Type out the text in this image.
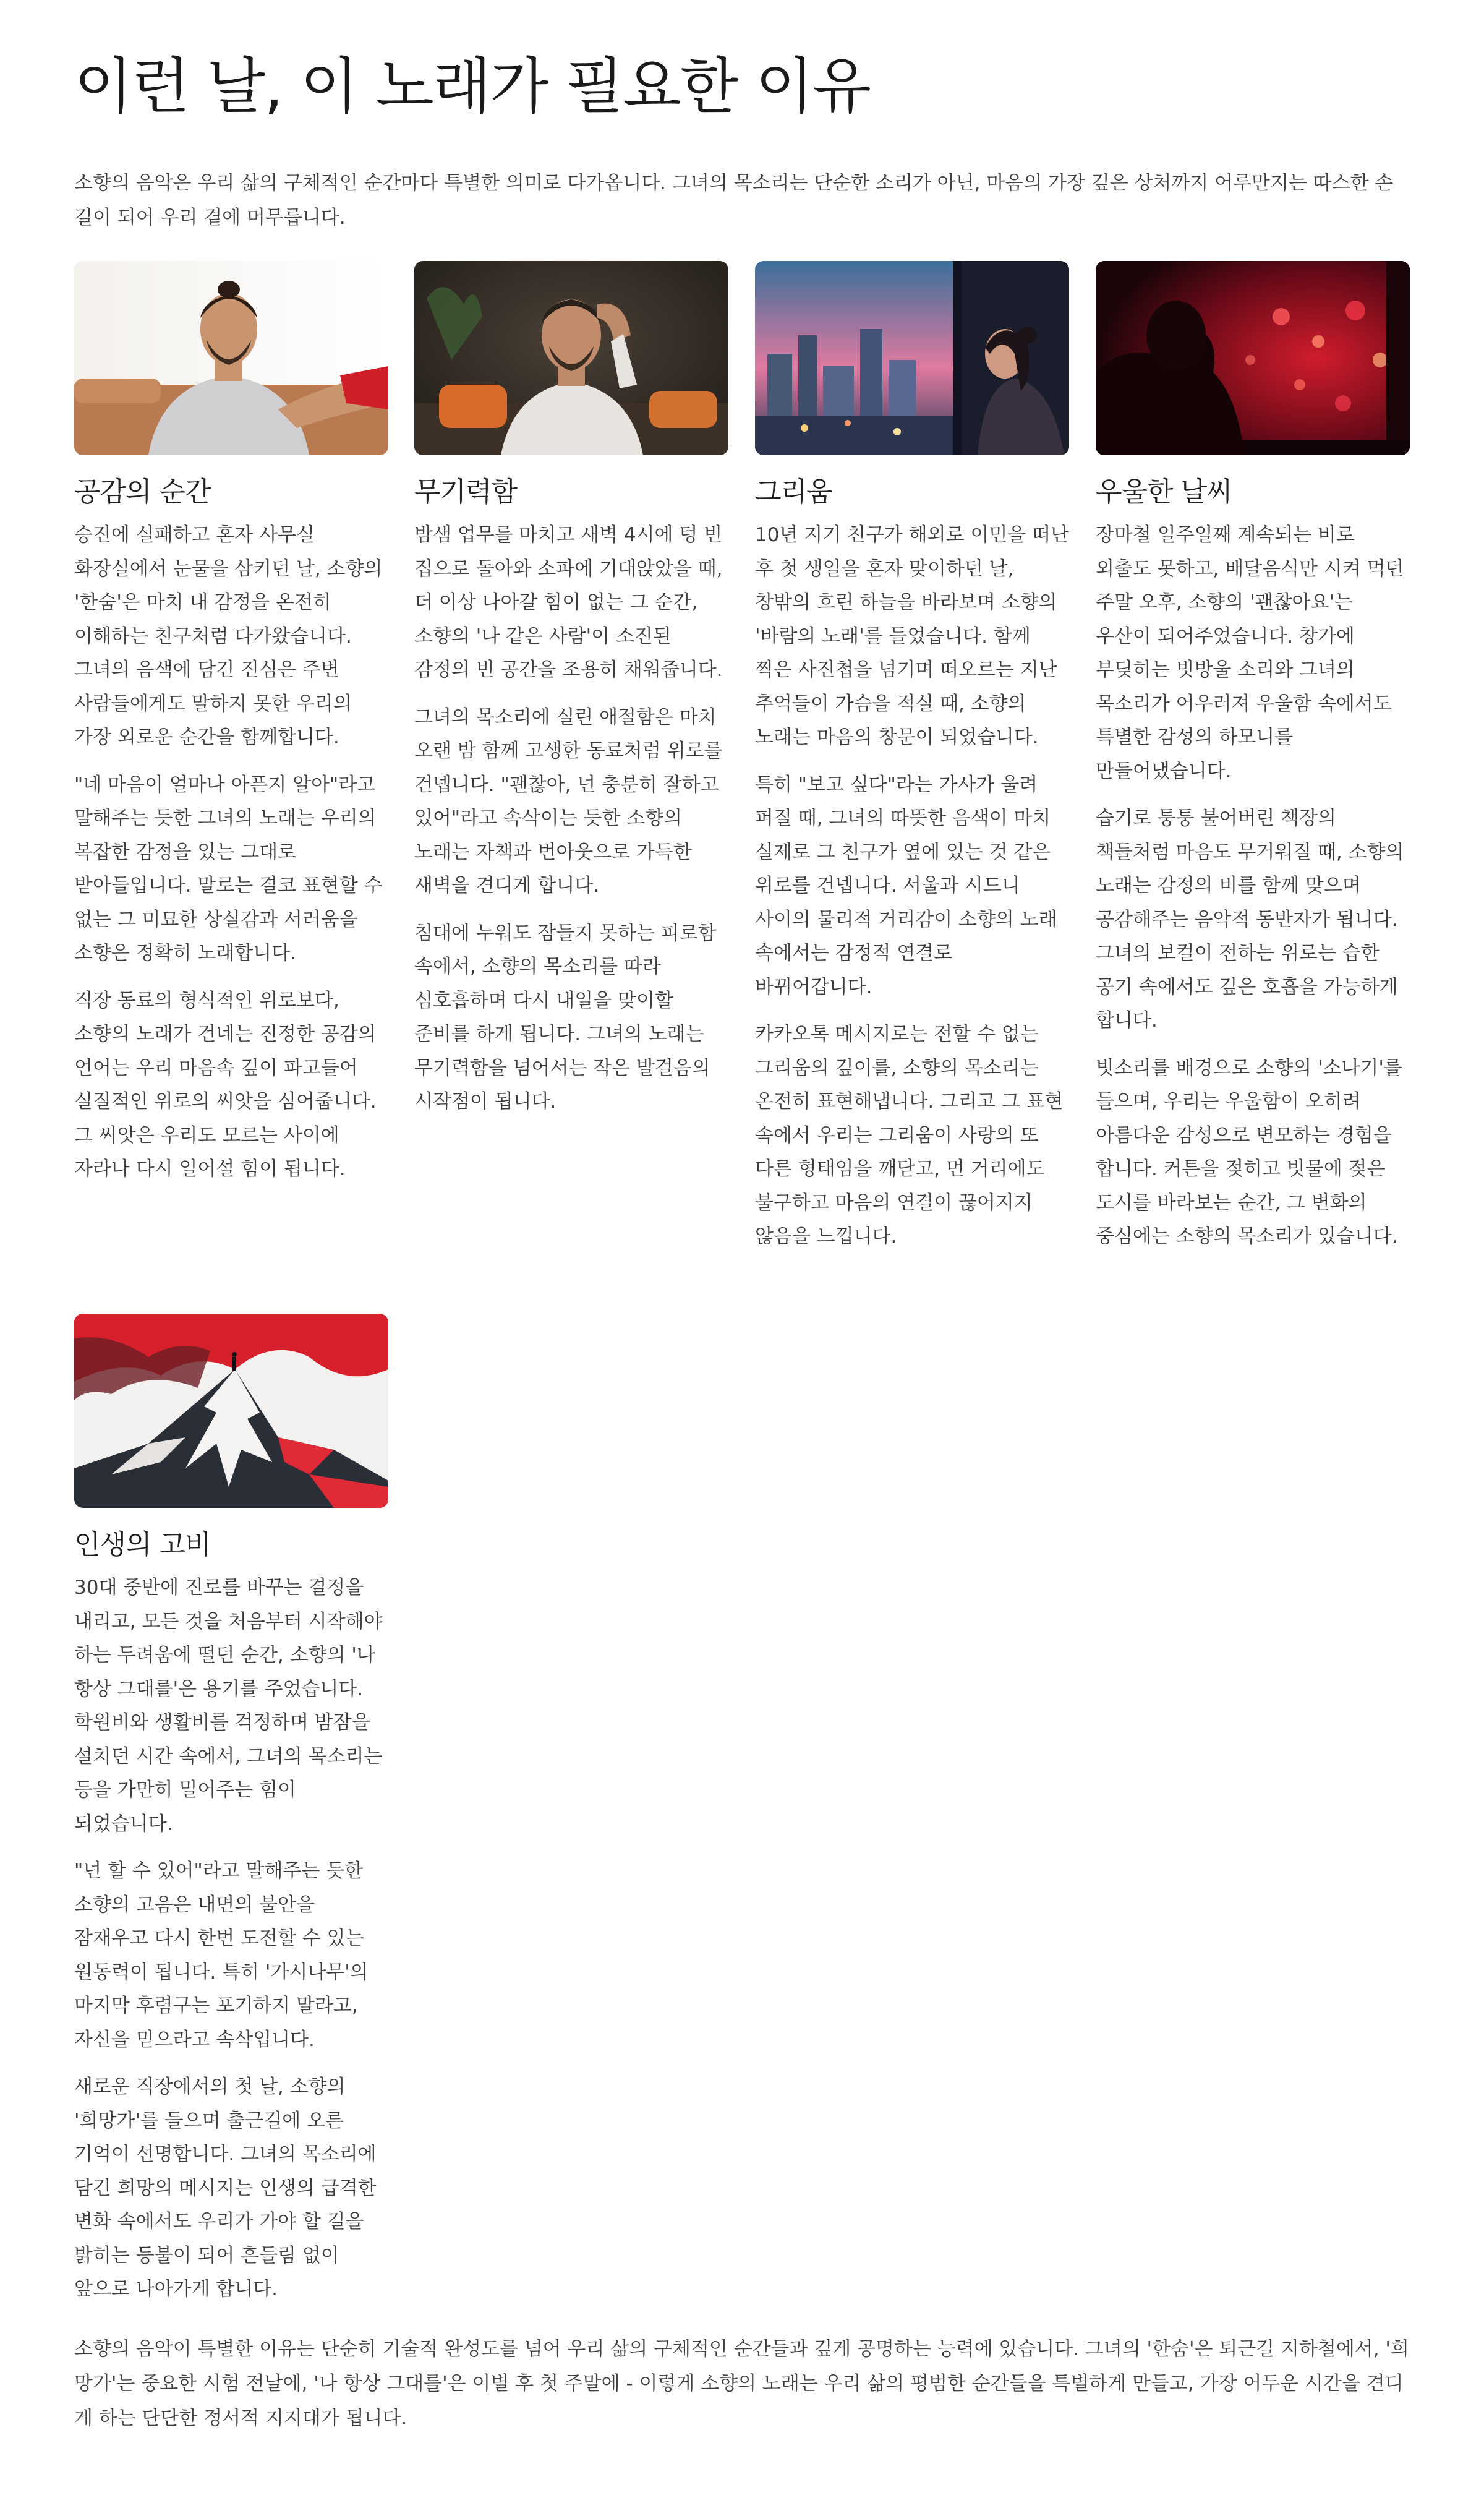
이런 날, 이 노래가 필요한 이유

소향의 음악은 우리 삶의 구체적인 순간마다 특별한 의미로 다가옵니다. 그녀의 목소리는 단순한 소리가 아닌, 마음의 가장 깊은 상처까지 어루만지는 따스한 손길이 되어 우리 곁에 머무릅니다.

공감의 순간

승진에 실패하고 혼자 사무실 화장실에서 눈물을 삼키던 날, 소향의 '한숨'은 마치 내 감정을 온전히 이해하는 친구처럼 다가왔습니다. 그녀의 음색에 담긴 진심은 주변 사람들에게도 말하지 못한 우리의 가장 외로운 순간을 함께합니다.

"네 마음이 얼마나 아픈지 알아"라고 말해주는 듯한 그녀의 노래는 우리의 복잡한 감정을 있는 그대로 받아들입니다. 말로는 결코 표현할 수 없는 그 미묘한 상실감과 서러움을 소향은 정확히 노래합니다.

직장 동료의 형식적인 위로보다, 소향의 노래가 건네는 진정한 공감의 언어는 우리 마음속 깊이 파고들어 실질적인 위로의 씨앗을 심어줍니다. 그 씨앗은 우리도 모르는 사이에 자라나 다시 일어설 힘이 됩니다.

무기력함

밤샘 업무를 마치고 새벽 4시에 텅 빈 집으로 돌아와 소파에 기대앉았을 때, 더 이상 나아갈 힘이 없는 그 순간, 소향의 '나 같은 사람'이 소진된 감정의 빈 공간을 조용히 채워줍니다.

그녀의 목소리에 실린 애절함은 마치 오랜 밤 함께 고생한 동료처럼 위로를 건넵니다. "괜찮아, 넌 충분히 잘하고 있어"라고 속삭이는 듯한 소향의 노래는 자책과 번아웃으로 가득한 새벽을 견디게 합니다.

침대에 누워도 잠들지 못하는 피로함 속에서, 소향의 목소리를 따라 심호흡하며 다시 내일을 맞이할 준비를 하게 됩니다. 그녀의 노래는 무기력함을 넘어서는 작은 발걸음의 시작점이 됩니다.

그리움

10년 지기 친구가 해외로 이민을 떠난 후 첫 생일을 혼자 맞이하던 날, 창밖의 흐린 하늘을 바라보며 소향의 '바람의 노래'를 들었습니다. 함께 찍은 사진첩을 넘기며 떠오르는 지난 추억들이 가슴을 적실 때, 소향의 노래는 마음의 창문이 되었습니다.

특히 "보고 싶다"라는 가사가 울려 퍼질 때, 그녀의 따뜻한 음색이 마치 실제로 그 친구가 옆에 있는 것 같은 위로를 건넵니다. 서울과 시드니 사이의 물리적 거리감이 소향의 노래 속에서는 감정적 연결로 바뀌어갑니다.

카카오톡 메시지로는 전할 수 없는 그리움의 깊이를, 소향의 목소리는 온전히 표현해냅니다. 그리고 그 표현 속에서 우리는 그리움이 사랑의 또 다른 형태임을 깨닫고, 먼 거리에도 불구하고 마음의 연결이 끊어지지 않음을 느낍니다.

우울한 날씨

장마철 일주일째 계속되는 비로 외출도 못하고, 배달음식만 시켜 먹던 주말 오후, 소향의 '괜찮아요'는 우산이 되어주었습니다. 창가에 부딪히는 빗방울 소리와 그녀의 목소리가 어우러져 우울함 속에서도 특별한 감성의 하모니를 만들어냈습니다.

습기로 퉁퉁 불어버린 책장의 책들처럼 마음도 무거워질 때, 소향의 노래는 감정의 비를 함께 맞으며 공감해주는 음악적 동반자가 됩니다. 그녀의 보컬이 전하는 위로는 습한 공기 속에서도 깊은 호흡을 가능하게 합니다.

빗소리를 배경으로 소향의 '소나기'를 들으며, 우리는 우울함이 오히려 아름다운 감성으로 변모하는 경험을 합니다. 커튼을 젖히고 빗물에 젖은 도시를 바라보는 순간, 그 변화의 중심에는 소향의 목소리가 있습니다.

인생의 고비

30대 중반에 진로를 바꾸는 결정을 내리고, 모든 것을 처음부터 시작해야 하는 두려움에 떨던 순간, 소향의 '나 항상 그대를'은 용기를 주었습니다. 학원비와 생활비를 걱정하며 밤잠을 설치던 시간 속에서, 그녀의 목소리는 등을 가만히 밀어주는 힘이 되었습니다.

"넌 할 수 있어"라고 말해주는 듯한 소향의 고음은 내면의 불안을 잠재우고 다시 한번 도전할 수 있는 원동력이 됩니다. 특히 '가시나무'의 마지막 후렴구는 포기하지 말라고, 자신을 믿으라고 속삭입니다.

새로운 직장에서의 첫 날, 소향의 '희망가'를 들으며 출근길에 오른 기억이 선명합니다. 그녀의 목소리에 담긴 희망의 메시지는 인생의 급격한 변화 속에서도 우리가 가야 할 길을 밝히는 등불이 되어 흔들림 없이 앞으로 나아가게 합니다.

소향의 음악이 특별한 이유는 단순히 기술적 완성도를 넘어 우리 삶의 구체적인 순간들과 깊게 공명하는 능력에 있습니다. 그녀의 '한숨'은 퇴근길 지하철에서, '희망가'는 중요한 시험 전날에, '나 항상 그대를'은 이별 후 첫 주말에 - 이렇게 소향의 노래는 우리 삶의 평범한 순간들을 특별하게 만들고, 가장 어두운 시간을 견디게 하는 단단한 정서적 지지대가 됩니다.
